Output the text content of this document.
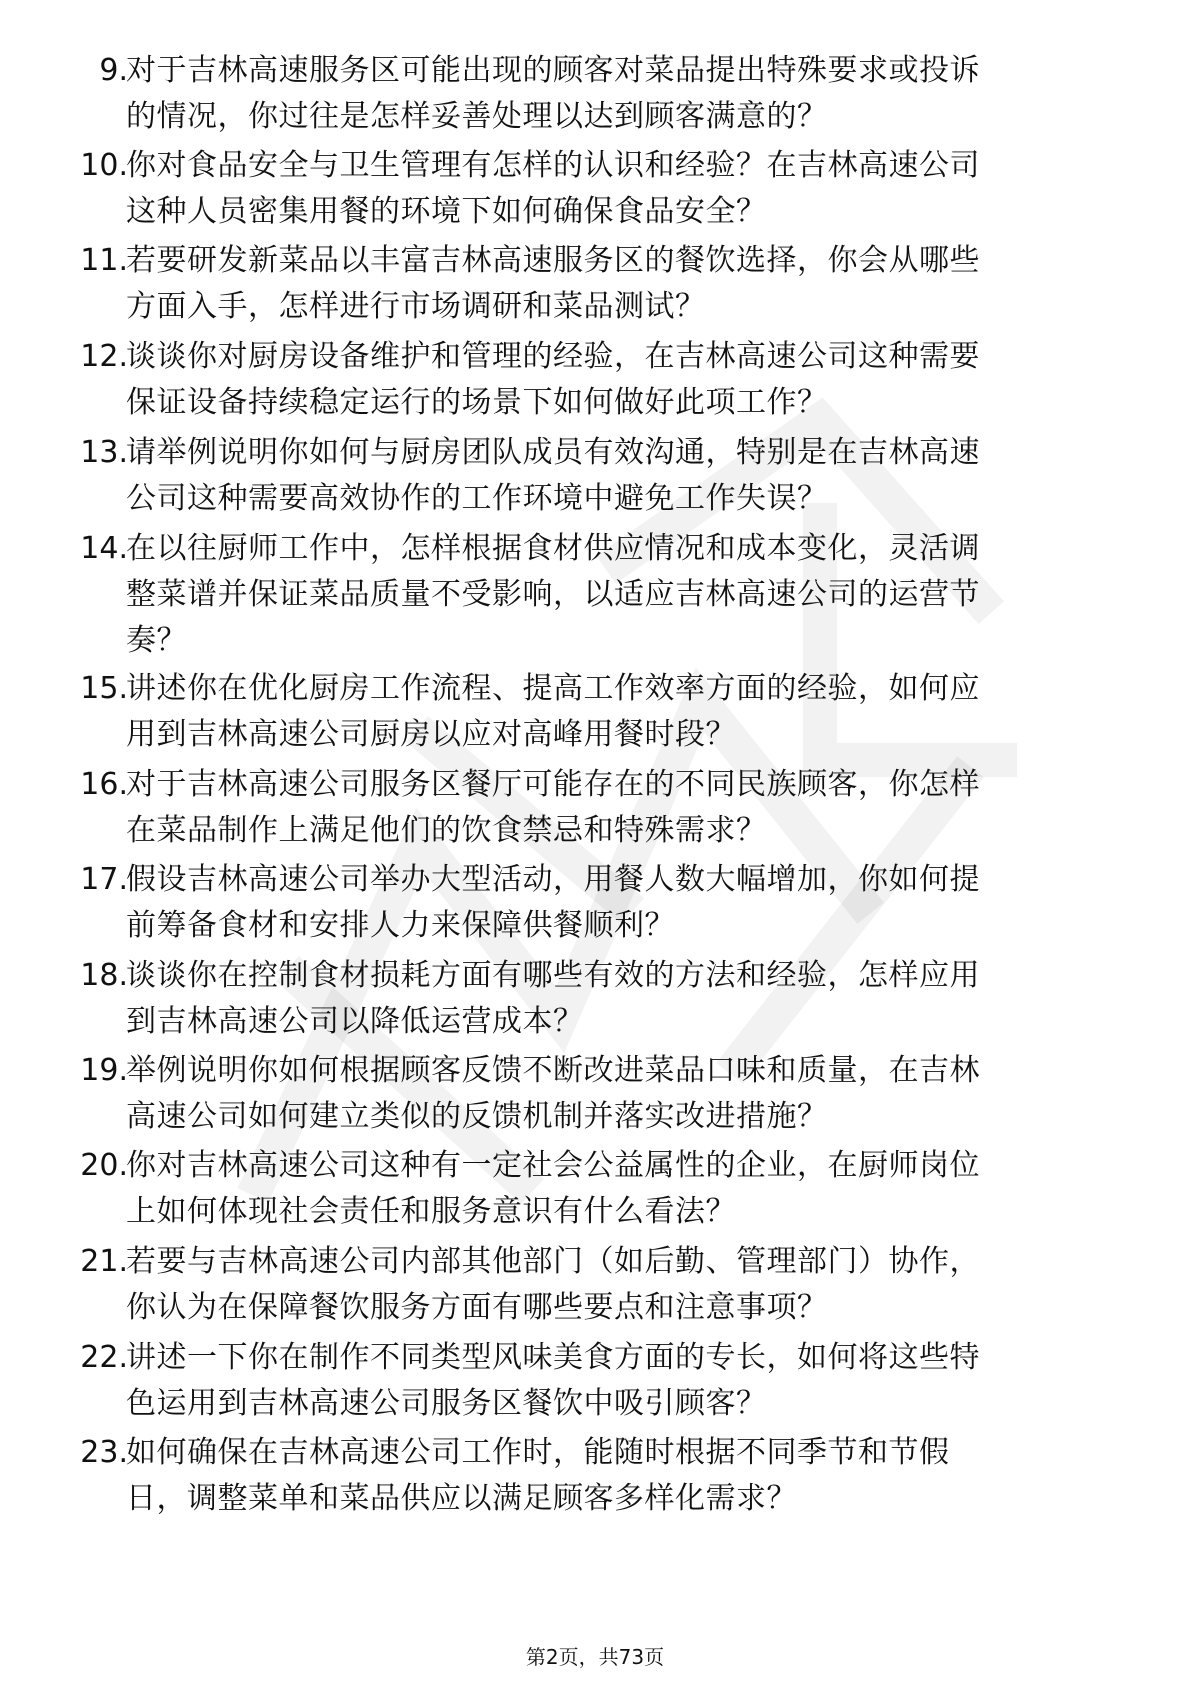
9.
对于吉林高速服务区可能出现的顾客对菜品提出特殊要求或投诉
的情况，你过往是怎样妥善处理以达到顾客满意的？
10.
你对食品安全与卫生管理有怎样的认识和经验？在吉林高速公司
这种人员密集用餐的环境下如何确保食品安全？
11.
若要研发新菜品以丰富吉林高速服务区的餐饮选择，你会从哪些
方面入手，怎样进行市场调研和菜品测试？
12.
谈谈你对厨房设备维护和管理的经验，在吉林高速公司这种需要
保证设备持续稳定运行的场景下如何做好此项工作？
13.
请举例说明你如何与厨房团队成员有效沟通，特别是在吉林高速
公司这种需要高效协作的工作环境中避免工作失误？
14.
在以往厨师工作中，怎样根据食材供应情况和成本变化，灵活调
整菜谱并保证菜品质量不受影响，以适应吉林高速公司的运营节
奏？
15.
讲述你在优化厨房工作流程、提高工作效率方面的经验，如何应
用到吉林高速公司厨房以应对高峰用餐时段？
16.
对于吉林高速公司服务区餐厅可能存在的不同民族顾客，你怎样
在菜品制作上满足他们的饮食禁忌和特殊需求？
17.
假设吉林高速公司举办大型活动，用餐人数大幅增加，你如何提
前筹备食材和安排人力来保障供餐顺利？
18.
谈谈你在控制食材损耗方面有哪些有效的方法和经验，怎样应用
到吉林高速公司以降低运营成本？
19.
举例说明你如何根据顾客反馈不断改进菜品口味和质量，在吉林
高速公司如何建立类似的反馈机制并落实改进措施？
20.
你对吉林高速公司这种有一定社会公益属性的企业，在厨师岗位
上如何体现社会责任和服务意识有什么看法？
21.
若要与吉林高速公司内部其他部门（如后勤、管理部门）协作，
你认为在保障餐饮服务方面有哪些要点和注意事项？
22.
讲述一下你在制作不同类型风味美食方面的专长，如何将这些特
色运用到吉林高速公司服务区餐饮中吸引顾客？
23.
如何确保在吉林高速公司工作时，能随时根据不同季节和节假
日，调整菜单和菜品供应以满足顾客多样化需求？
第2页，共73页
